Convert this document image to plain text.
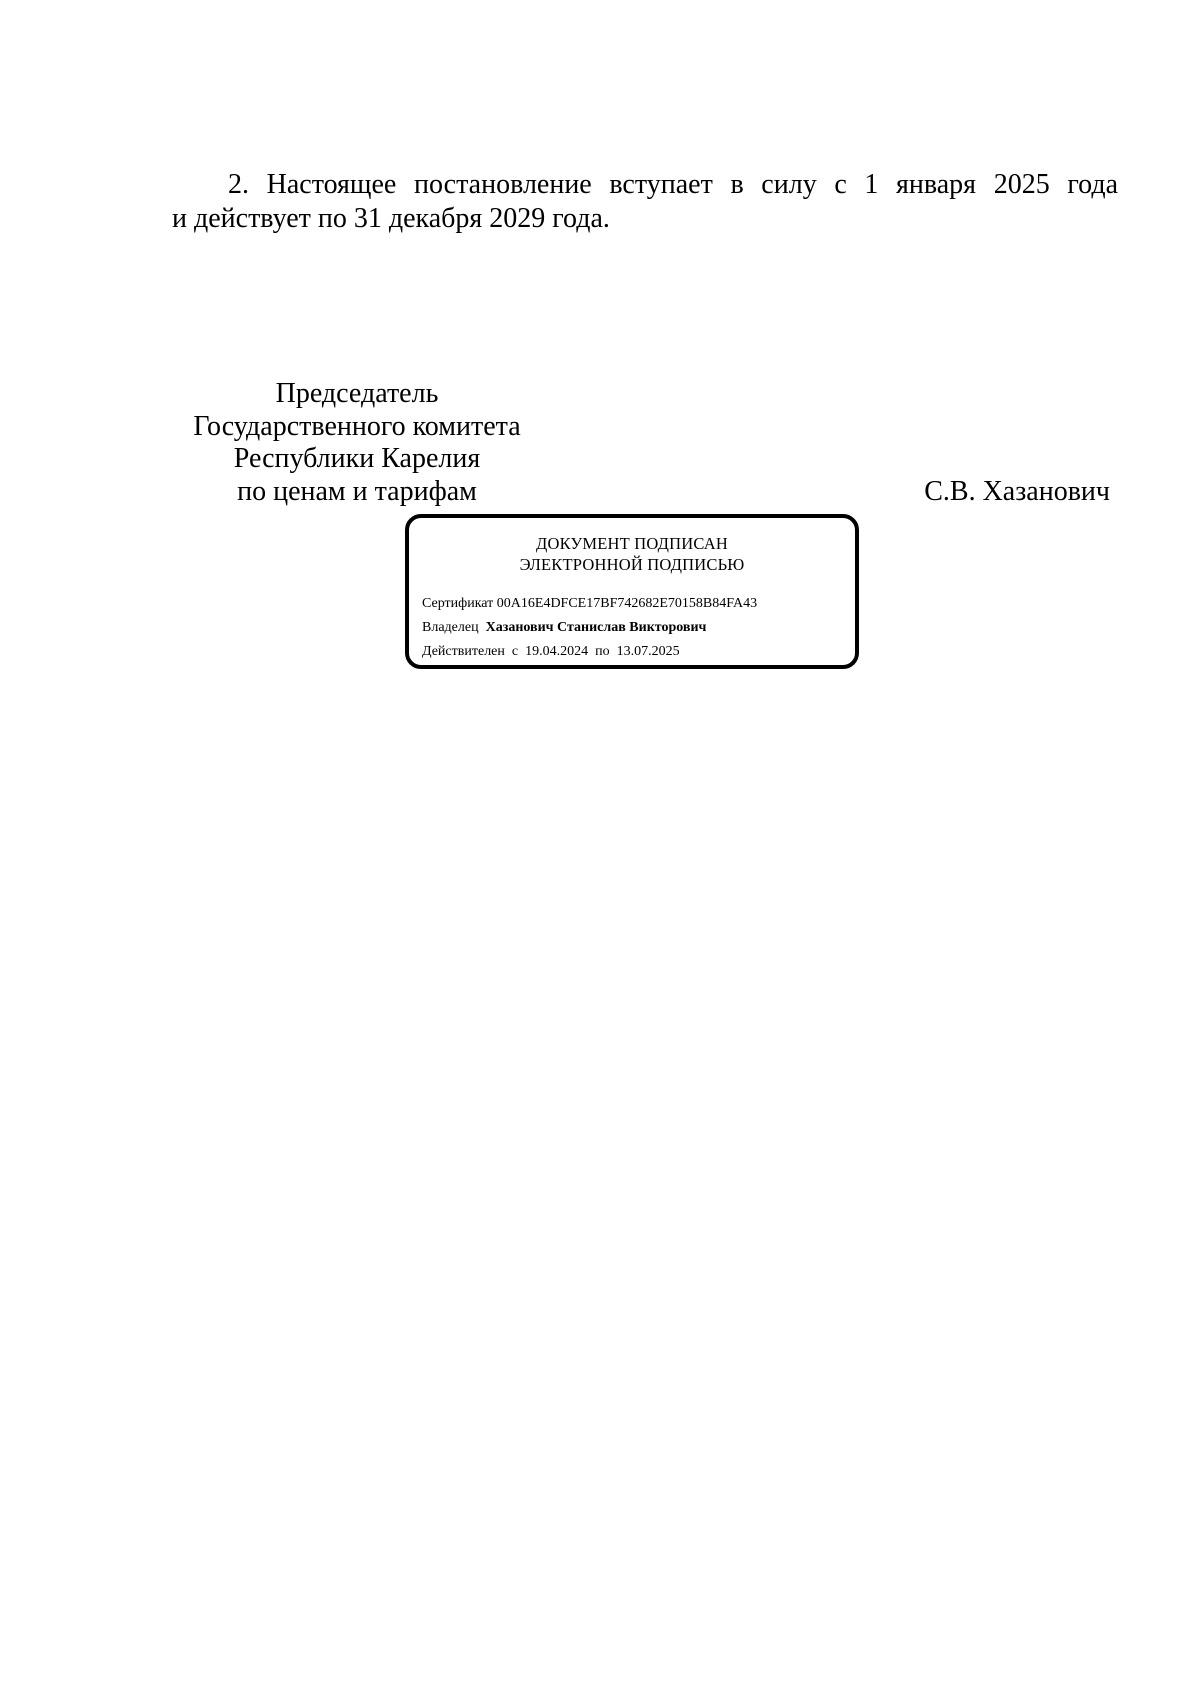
2. Настоящее постановление вступает в силу с 1 января 2025 года
и действует по 31 декабря 2029 года.

Председатель
Государственного комитета
Республики Карелия
по ценам и тарифам	С.В. Хазанович
ДОКУМЕНТ ПОДПИСАН
ЭЛЕКТРОННОЙ ПОДПИСЬЮ
Сертификат 00A16E4DFCE17BF742682E70158B84FA43
Владелец Хазанович Станислав Викторович
Действителен  с 19.04.2024 по 13.07.2025
